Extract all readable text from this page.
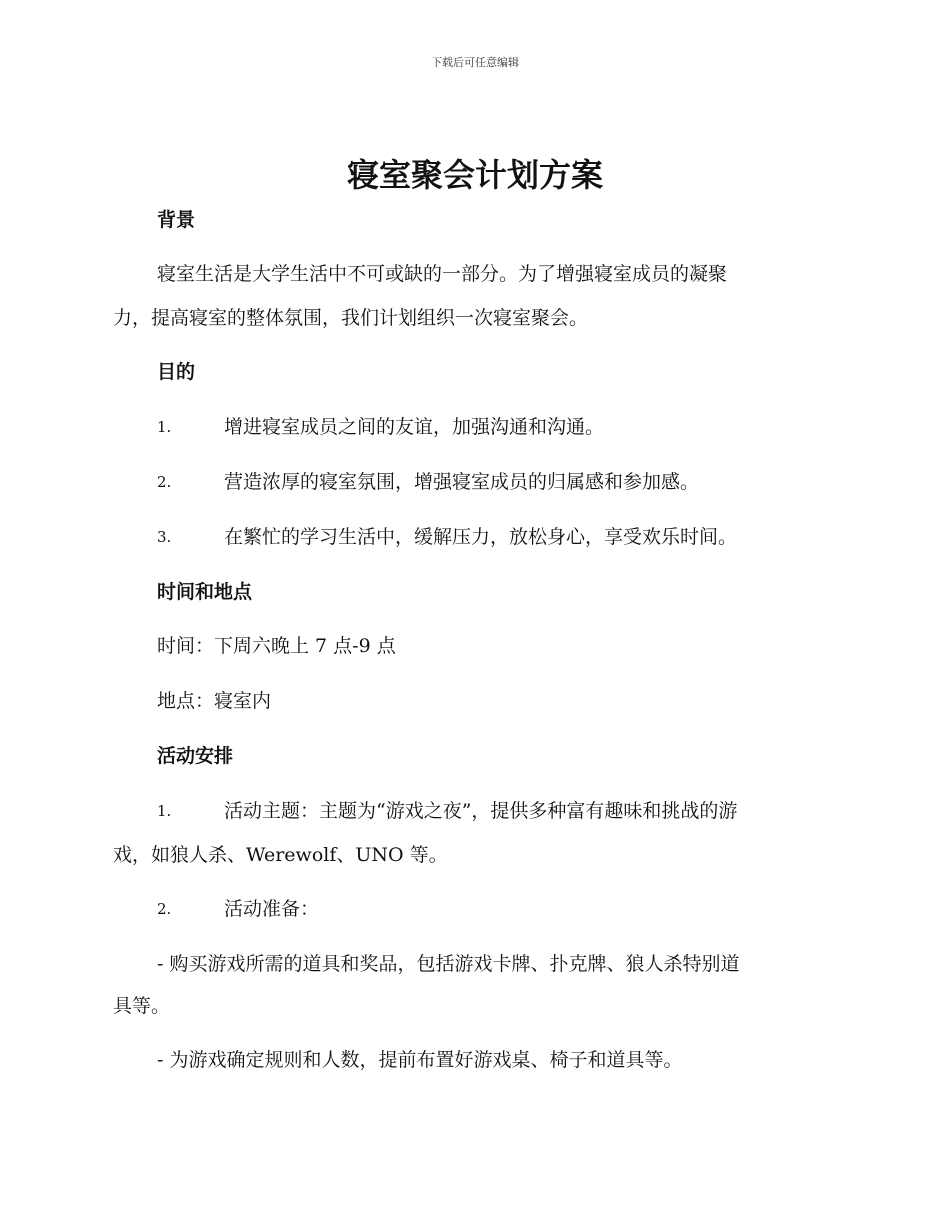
下载后可任意编辑
寝室聚会计划方案
背景
寝室生活是大学生活中不可或缺的一部分。为了增强寝室成员的凝聚
力，提高寝室的整体氛围，我们计划组织一次寝室聚会。
目的
1.	增进寝室成员之间的友谊，加强沟通和沟通。
2.	营造浓厚的寝室氛围，增强寝室成员的归属感和参加感。
3.	在繁忙的学习生活中，缓解压力，放松身心，享受欢乐时间。
时间和地点
时间：下周六晚上 7 点-9 点
地点：寝室内
活动安排
1.	活动主题：主题为“游戏之夜”，提供多种富有趣味和挑战的游
戏，如狼人杀、Werewolf、UNO 等。
2.	活动准备：
- 购买游戏所需的道具和奖品，包括游戏卡牌、扑克牌、狼人杀特别道
具等。
- 为游戏确定规则和人数，提前布置好游戏桌、椅子和道具等。
